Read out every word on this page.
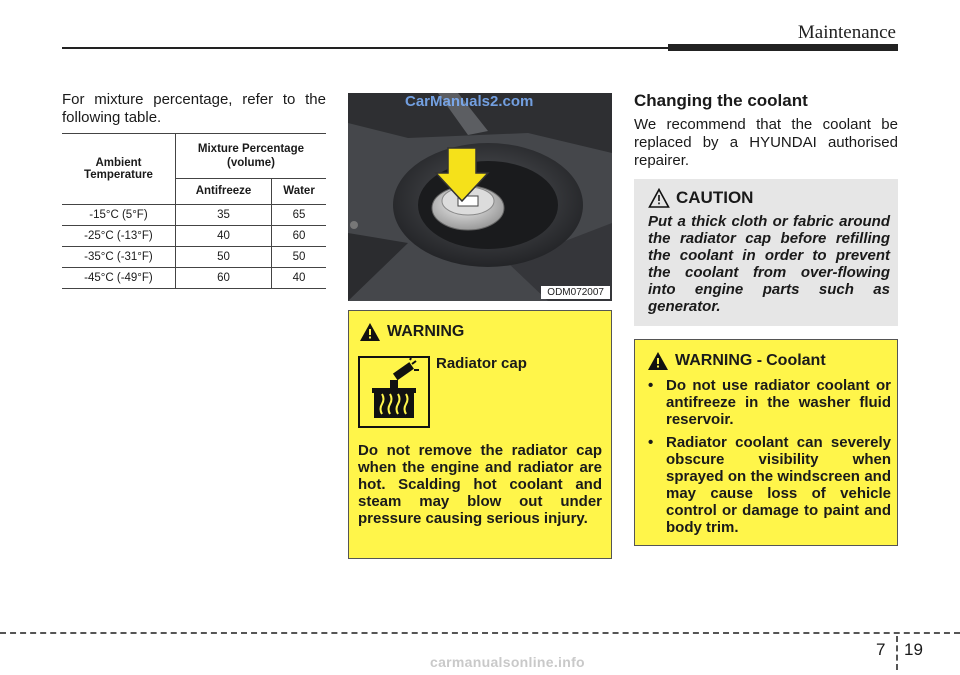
Maintenance
For mixture percentage, refer to the following table.
Ambient Temperature	Mixture Percentage (volume)	
	Antifreeze	Water
-15°C (5°F)	35	65
-25°C (-13°F)	40	60
-35°C (-31°F)	50	50
-45°C (-49°F)	60	40
ODM072007
CarManuals2.com
WARNING
Radiator cap
Do not remove the radiator cap when the engine and radiator are hot. Scalding hot coolant and steam may blow out under pressure causing serious injury.
Changing the coolant
We recommend that the coolant be replaced by a HYUNDAI authorised repairer.
CAUTION
Put a thick cloth or fabric around the radiator cap before refilling the coolant in order to prevent the coolant from over-flowing into engine parts such as generator.
WARNING - Coolant
• Do not use radiator coolant or antifreeze in the washer fluid reservoir.
• Radiator coolant can severely obscure visibility when sprayed on the windscreen and may cause loss of vehicle control or damage to paint and body trim.
7 19
carmanualsonline.info
